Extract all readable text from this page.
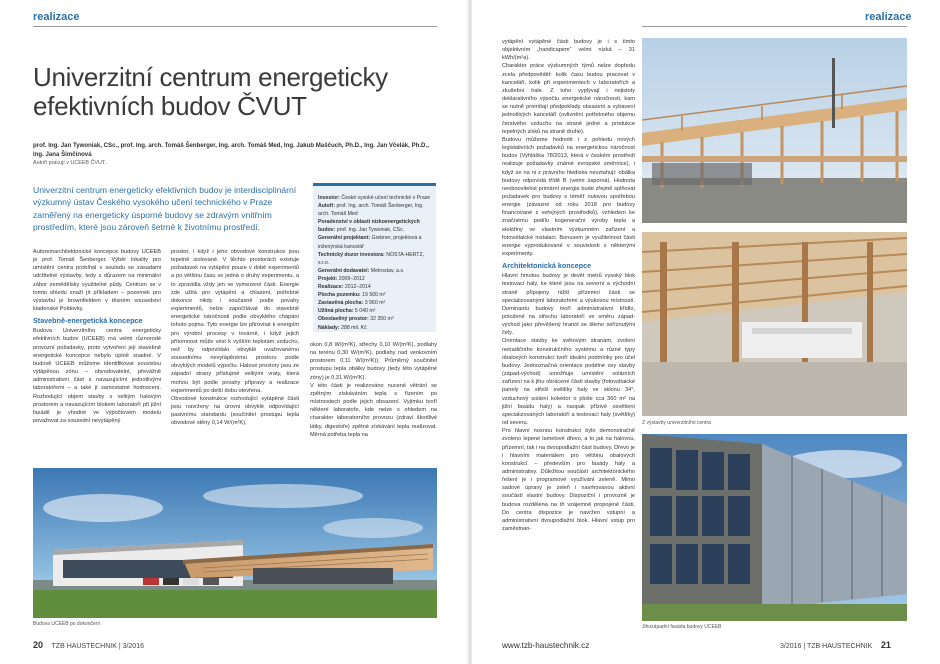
realizace
Univerzitní centrum energeticky efektivních budov ČVUT
prof. Ing. Jan Tywoniak, CSc., prof. Ing. arch. Tomáš Šenberger, Ing. arch. Tomáš Med, Ing. Jakub Maščuch, Ph.D., Ing. Jan Včelák, Ph.D., Ing. Jana Šimčínová
Autoři pracují v UCEEB ČVUT.
Univerzitní centrum energeticky efektivních budov je interdisciplinární výzkumný ústav Českého vysokého učení technického v Praze zaměřený na energeticky úsporné budovy se zdravým vnitřním prostředím, které jsou zároveň šetrné k životnímu prostředí.
Investor: České vysoké učení technické v Praze
Autoři: prof. Ing. arch. Tomáš Šenberger, Ing. arch. Tomáš Med
Poradenství v oblasti nízkoenergetických budov: prof. Ing. Jan Tywoniak, CSc.
Generální projektant: Grebner, projektová a inženýrská kancelář
Technický dozor investora: NOSTA-HERTZ, s.r.o.
Generální dodavatel: Metrostav, a.s.
Projekt: 2009–2012
Realizace: 2012–2014
Plocha pozemku: 19 500 m²
Zastavěná plocha: 3 960 m²
Užitná plocha: 5 040 m²
Obestavěný prostor: 32 350 m³
Náklady: 288 mil. Kč

Autoremarchitektonické koncepce budovy UCEEB je prof. Tomáš Šenberger. Výběr lokality pro umístění centra probíhal v souladu se zásadami udržitelné výstavby, tedy s důrazem na minimální zábor zemědělsky využitelné půdy. Centrum se v tomto ohledu snaží jít příkladem – pozemek pro výstavbu je brownfieldem v těsném sousedství kladenské Poldovky.

Stavebně-energetická koncepce

Budova Univerzitního centra energeticky efektivních budov (UCEEB) má velmi různorodé provozní požadavky, proto vytvoření její stavebně energetické koncepce nebylo úplně snadné. V budově UCEEB můžeme identifikovat souvislou výtápěnou zónu – obvodovatelní, převážně administrativní část s navazujícími jednotlivými laboratořemi – a také jí samostatné hodnocení. Rozhodující objem stavby s velkým halovým prostorem a navazujícím blokem laboratoří při jižní fasádě je vhodné ve výpočtovém modelu považovat za sousední nevytápěný

prostor, i když i jeho obvodové konstrukce jsou tepelně izolované. V těchto prostorách existuje požadavek na vytápění pouze v době experimentů a po většinu času se jedná o druhy experimentu, a to zpravidla vždy jen ve vymezené části. Energie zde užitá pro vytápění a chlazení, potřebné dokonce nikdy i současně podle povahy experimentů, nelze započítávat do stavebně energetické náročnosti podle obvyklého chápání tohoto pojmu. Tyto energie lze přirovnat k energiím pro výrobní procesy v továrně, i když jejich přítomnost může vést k vyšším teplotám vzduchu, než by odpovídalo obvyklé uvažovanému sousednímu nevytápěnému prostoru podle obvyklých modelů výpočtu. Halové prostory jsou ze západní strany přístupné velkými vraty, která mohou být podle povahy přípravy a realizace experimentů po delší dobu otevřena.

Obvodové konstrukce rozhodující vytápěné části jsou navrženy na úrovni obvyklé odpovídající pasivnímu standardu (součinitel prostupu tepla obvodové stěny 0,14 W/(m²K),

okon 0,8 W/(m²K), střechy 0,10 W/(m²K), podlahy na terénu 0,30 W/(m²K), podlahy nad venkovním prostorem 0,11 W/(m²K)). Průměrný součinitel prostupu tepla obálky budovy (tedy této vytápěné zóny) je 0,31 W/(m²K).

V této části je realizováno nucené větrání se zpětným získáváním tepla s řízením po místnostech podle jejich obsazení. Vyjímku tvoří některé laboratoře, kde nelze s ohledem na charakter laboratorního provozu (zdraví škodlivé látky, digestoře) zpětné získávání tepla realizovat. Měrná potřeba tepla na

Budova UCEEB po dokončení
20 TZB HAUSTECHNIK | 3/2016
realizace

vytápění vytápěné části budovy je i s tímto objektivním „handicapem“ velmi nízká – 31 kWh/(m²a).

Charakter práce výzkumných týmů nelze dopředu zcela předpovědět: kolik času budou pracovat v kanceláři, kolik při experimentech v laboratořích a zkušební hale. Z toho vyplývají i nejistoty deklarativního výpočtu energetické náročnosti, kam se nutně promítají předpoklady obsazení a vybavení jednotlivých kanceláří (ovlivnění potřebného objemu čerstvého vzduchu na straně jedné a produkce tepelných zisků na straně druhé).

Budovu můžeme hodnotit i z pohledu nových legislativních požadavků na energetickou náročnost budov (Vyhláška 78/2013, která v českém prostředí realizuje požadavky známé evropské směrnice), i když se na ni z právního hlediska nevztahují: obálka budovy odpovídá třídě B (velmi úsporná). Hodnota neobnovitelné primární energie bude zřejmě splňovat požadavek pro budovy s téměř nulovou spotřebou energie (závazné od roku 2018 pro budovy financované z veřejných prostředků), vzhledem ke značnému podílu kogenerační výroby tepla a elektřiny ve vlastním výzkumném zařízení a fotovoltaické instalaci. Bonusem je využitelnost části energie vyprodukované v souvislosti s některými experimenty.

Architektonická koncepce

Hlavní hmotou budovy je devět metrů vysoký blok testovací haly, ke které jsou na severní a východní straně připojeny nižší přízemní části se specializovanými laboratořemi a výukovou místností. Dominantu budovy tvoří administrativní křídlo, položené na střechu laboratoří ve směru západ-východ jako převěšený hranol se šikmo seříznutými čely.

Orientace stavby ke světovým stranám, zvolení netradičního konstrukčního systému a různé typy obalových konstrukcí tvoří ideální podmínky pro účel budovy. Jednoznačná orientace podélné osy stavby (západ-východ) umožňuje umístění solárních zařízení na k jihu obrácené části stavby (fotovoltaické panely na střeší světlíky haly ve sklonu 34°, vzduchový solární kolektor o ploše cca 360 m² na jižní fasádu haly) a naopak přízivé osvětlení specializovaných laboratoří a testovací haly (světlíky) od severu.

Pro hlavní nosnou konstrukci bylo demonstračně zvoleno lepené lamelové dřevo, a to jak na halovou, přízemní, tak i na dvoupodlažní část budovy. Dřevo je i hlavním materiálem pro většinu obalových konstrukcí – především pro fasády haly a administrativy. Důležitou součástí architektonického řešení je i programové využívání zeleně. Mimo sadové úpravy je zeleň i navrhovanou aktivní součástí vlastní budovy. Dispoziční i provozně je budova rozdělena na tři vzájemně propojené části. Do centra dispozice je navržen vstupní a administrativní dvoupodlažní blok. Hlavní vstup pro zaměstnan-

Z výstavby univerzitního centra
Jihozápadní fasáda budovy UCEEB
www.tzb-haustechnik.cz	3/2016 | TZB HAUSTECHNIK 21
